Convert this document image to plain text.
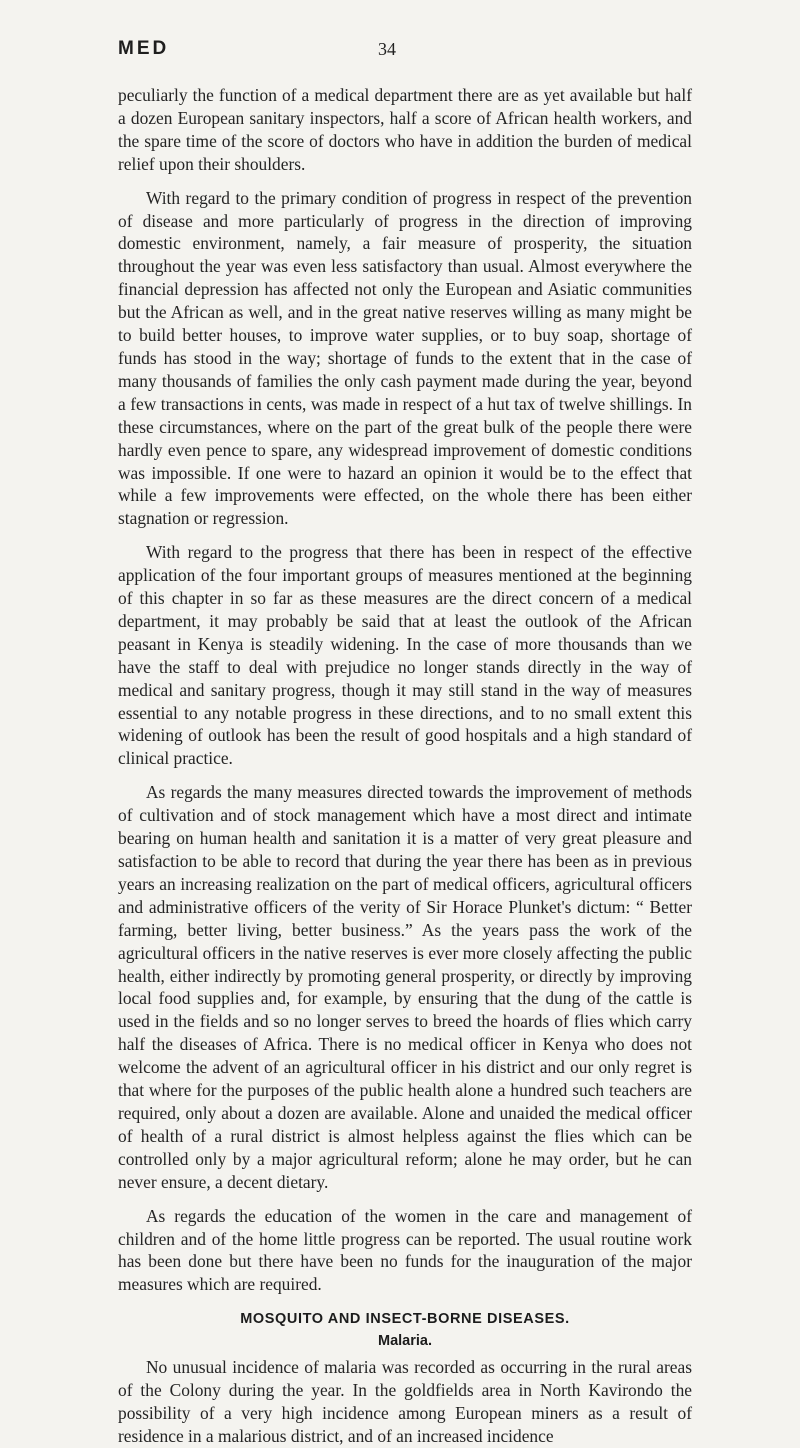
MED	34

peculiarly the function of a medical department there are as yet available but half a dozen European sanitary inspectors, half a score of African health workers, and the spare time of the score of doctors who have in addition the burden of medical relief upon their shoulders.

With regard to the primary condition of progress in respect of the prevention of disease and more particularly of progress in the direction of improving domestic environment, namely, a fair measure of prosperity, the situation throughout the year was even less satisfactory than usual. Almost everywhere the financial depression has affected not only the European and Asiatic communities but the African as well, and in the great native reserves willing as many might be to build better houses, to improve water supplies, or to buy soap, shortage of funds has stood in the way; shortage of funds to the extent that in the case of many thousands of families the only cash payment made during the year, beyond a few transactions in cents, was made in respect of a hut tax of twelve shillings. In these circumstances, where on the part of the great bulk of the people there were hardly even pence to spare, any widespread improvement of domestic conditions was impossible. If one were to hazard an opinion it would be to the effect that while a few improvements were effected, on the whole there has been either stagnation or regression.

With regard to the progress that there has been in respect of the effective application of the four important groups of measures mentioned at the beginning of this chapter in so far as these measures are the direct concern of a medical department, it may probably be said that at least the outlook of the African peasant in Kenya is steadily widening. In the case of more thousands than we have the staff to deal with prejudice no longer stands directly in the way of medical and sanitary progress, though it may still stand in the way of measures essential to any notable progress in these directions, and to no small extent this widening of outlook has been the result of good hospitals and a high standard of clinical practice.

As regards the many measures directed towards the improvement of methods of cultivation and of stock management which have a most direct and intimate bearing on human health and sanitation it is a matter of very great pleasure and satisfaction to be able to record that during the year there has been as in previous years an increasing realization on the part of medical officers, agricultural officers and administrative officers of the verity of Sir Horace Plunket's dictum: “ Better farming, better living, better business.” As the years pass the work of the agricultural officers in the native reserves is ever more closely affecting the public health, either indirectly by promoting general prosperity, or directly by improving local food supplies and, for example, by ensuring that the dung of the cattle is used in the fields and so no longer serves to breed the hoards of flies which carry half the diseases of Africa. There is no medical officer in Kenya who does not welcome the advent of an agricultural officer in his district and our only regret is that where for the purposes of the public health alone a hundred such teachers are required, only about a dozen are available. Alone and unaided the medical officer of health of a rural district is almost helpless against the flies which can be controlled only by a major agricultural reform; alone he may order, but he can never ensure, a decent dietary.

As regards the education of the women in the care and management of children and of the home little progress can be reported. The usual routine work has been done but there have been no funds for the inauguration of the major measures which are required.

MOSQUITO AND INSECT-BORNE DISEASES.
Malaria.

No unusual incidence of malaria was recorded as occurring in the rural areas of the Colony during the year. In the goldfields area in North Kavirondo the possibility of a very high incidence among European miners as a result of residence in a malarious district, and of an increased incidence
